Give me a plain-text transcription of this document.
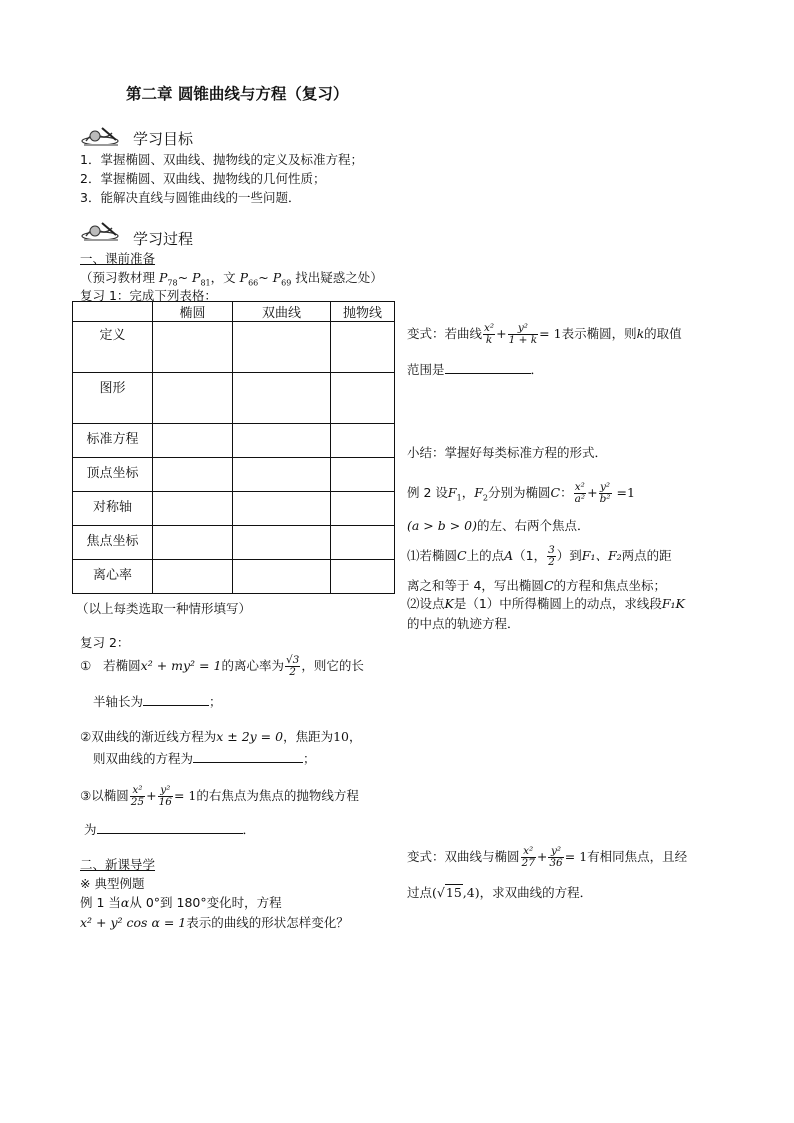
第二章 圆锥曲线与方程（复习）
学习目标
1．掌握椭圆、双曲线、抛物线的定义及标准方程；
2．掌握椭圆、双曲线、抛物线的几何性质；
3．能解决直线与圆锥曲线的一些问题．
学习过程
一、课前准备
（预习教材理 $P_{78}\sim$ $P_{81}$，文 $P_{66}\sim$ $P_{69}$ 找出疑惑之处）
复习 1：完成下列表格：
	椭圆	双曲线	抛物线
定义			
图形			
标准方程			
顶点坐标			
对称轴			
焦点坐标			
离心率			
（以上每类选取一种情形填写）
复习 2：
① 若椭圆x² + my² = 1的离心率为 $\frac{√3}{2}$ ，则它的长
半轴长为	；
②双曲线的渐近线方程为x ± 2y = 0，焦距为10，
则双曲线的方程为	；
③以椭圆 $\frac{\text{x²}}{25} + \frac{\text{y²}}{16} = 1$的右焦点为焦点的抛物线方程
为	．
二、新课导学
※ 典型例题
例 1 当α从 0°到 180°变化时，方程
x² + y² cos α = 1表示的曲线的形状怎样变化？
变式：若曲线 $\frac{\text{x²}}{k} + \frac{\text{y²}}{1 + k} = 1$表示椭圆，则k的取值
范围是	．
小结：掌握好每类标准方程的形式．
例 2 设$F_1$，$F_2$分别为椭圆C： $\frac{\text{x²}}{\text{a²}} + \frac{\text{y²}}{\text{b²}} =1$
(a > b > 0)的左、右两个焦点．
⑴若椭圆C上的点A（1， $\frac{3}{2}$ ）到F₁、F₂两点的距
离之和等于 4，写出椭圆C的方程和焦点坐标；
⑵设点K是（1）中所得椭圆上的动点，求线段F₁K
的中点的轨迹方程．
变式：双曲线与椭圆 $\frac{\text{x²}}{27} + \frac{\text{y²}}{36} = 1$有相同焦点，且经
过点(√15,4)，求双曲线的方程．
